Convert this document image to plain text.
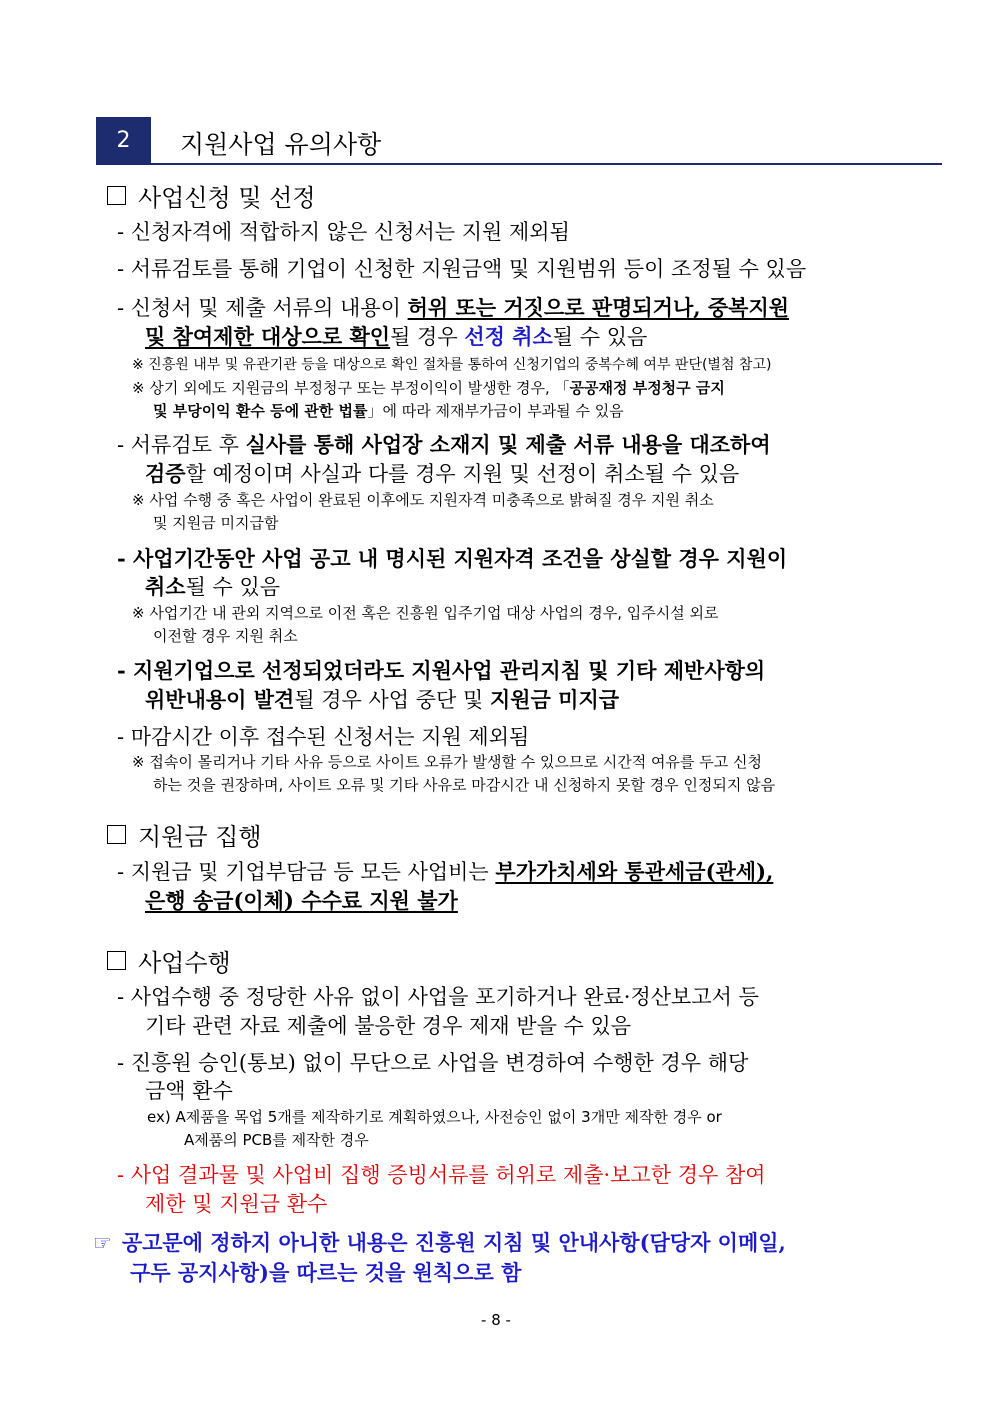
2	지원사업 유의사항
사업신청 및 선정
- 신청자격에 적합하지 않은 신청서는 지원 제외됨
- 서류검토를 통해 기업이 신청한 지원금액 및 지원범위 등이 조정될 수 있음
- 신청서 및 제출 서류의 내용이 허위 또는 거짓으로 판명되거나, 중복지원
및 참여제한 대상으로 확인될 경우 선정 취소될 수 있음
※ 진흥원 내부 및 유관기관 등을 대상으로 확인 절차를 통하여 신청기업의 중복수혜 여부 판단(별첨 참고)
※ 상기 외에도 지원금의 부정청구 또는 부정이익이 발생한 경우, 「공공재정 부정청구 금지
및 부당이익 환수 등에 관한 법률」에 따라 제재부가금이 부과될 수 있음
- 서류검토 후 실사를 통해 사업장 소재지 및 제출 서류 내용을 대조하여
검증할 예정이며 사실과 다를 경우 지원 및 선정이 취소될 수 있음
※ 사업 수행 중 혹은 사업이 완료된 이후에도 지원자격 미충족으로 밝혀질 경우 지원 취소
및 지원금 미지급함
- 사업기간동안 사업 공고 내 명시된 지원자격 조건을 상실할 경우 지원이
취소될 수 있음
※ 사업기간 내 관외 지역으로 이전 혹은 진흥원 입주기업 대상 사업의 경우, 입주시설 외로
이전할 경우 지원 취소
- 지원기업으로 선정되었더라도 지원사업 관리지침 및 기타 제반사항의
위반내용이 발견될 경우 사업 중단 및 지원금 미지급
- 마감시간 이후 접수된 신청서는 지원 제외됨
※ 접속이 몰리거나 기타 사유 등으로 사이트 오류가 발생할 수 있으므로 시간적 여유를 두고 신청
하는 것을 권장하며, 사이트 오류 및 기타 사유로 마감시간 내 신청하지 못할 경우 인정되지 않음
지원금 집행
- 지원금 및 기업부담금 등 모든 사업비는 부가가치세와 통관세금(관세),
은행 송금(이체) 수수료 지원 불가
사업수행
- 사업수행 중 정당한 사유 없이 사업을 포기하거나 완료·정산보고서 등
기타 관련 자료 제출에 불응한 경우 제재 받을 수 있음
- 진흥원 승인(통보) 없이 무단으로 사업을 변경하여 수행한 경우 해당
금액 환수
ex) A제품을 목업 5개를 제작하기로 계획하였으나, 사전승인 없이 3개만 제작한 경우 or
A제품의 PCB를 제작한 경우
- 사업 결과물 및 사업비 집행 증빙서류를 허위로 제출·보고한 경우 참여
제한 및 지원금 환수
☞ 공고문에 정하지 아니한 내용은 진흥원 지침 및 안내사항(담당자 이메일,
구두 공지사항)을 따르는 것을 원칙으로 함
- 8 -
